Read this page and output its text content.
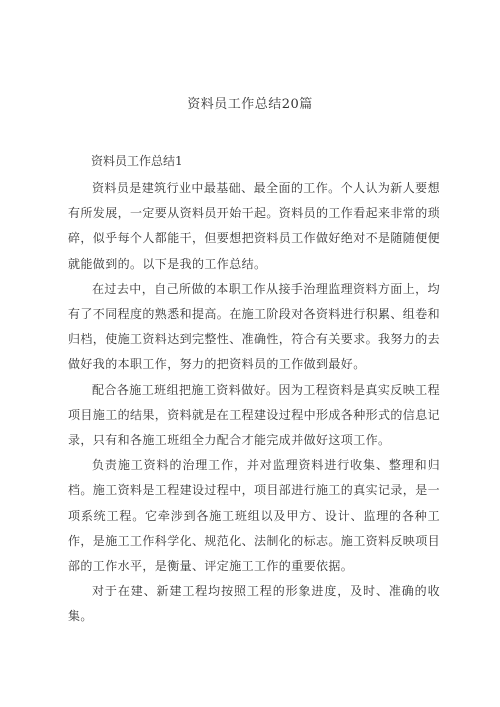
资料员工作总结20篇
资料员工作总结1

资料员是建筑行业中最基础、最全面的工作。个人认为新人要想有所发展，一定要从资料员开始干起。资料员的工作看起来非常的琐碎，似乎每个人都能干，但要想把资料员工作做好绝对不是随随便便就能做到的。以下是我的工作总结。

在过去中，自己所做的本职工作从接手治理监理资料方面上，均有了不同程度的熟悉和提高。在施工阶段对各资料进行积累、组卷和归档，使施工资料达到完整性、准确性，符合有关要求。我努力的去做好我的本职工作，努力的把资料员的工作做到最好。

配合各施工班组把施工资料做好。因为工程资料是真实反映工程项目施工的结果，资料就是在工程建设过程中形成各种形式的信息记录，只有和各施工班组全力配合才能完成并做好这项工作。

负责施工资料的治理工作，并对监理资料进行收集、整理和归档。施工资料是工程建设过程中，项目部进行施工的真实记录，是一项系统工程。它牵涉到各施工班组以及甲方、设计、监理的各种工作，是施工工作科学化、规范化、法制化的标志。施工资料反映项目部的工作水平，是衡量、评定施工工作的重要依据。

对于在建、新建工程均按照工程的形象进度，及时、准确的收集。
